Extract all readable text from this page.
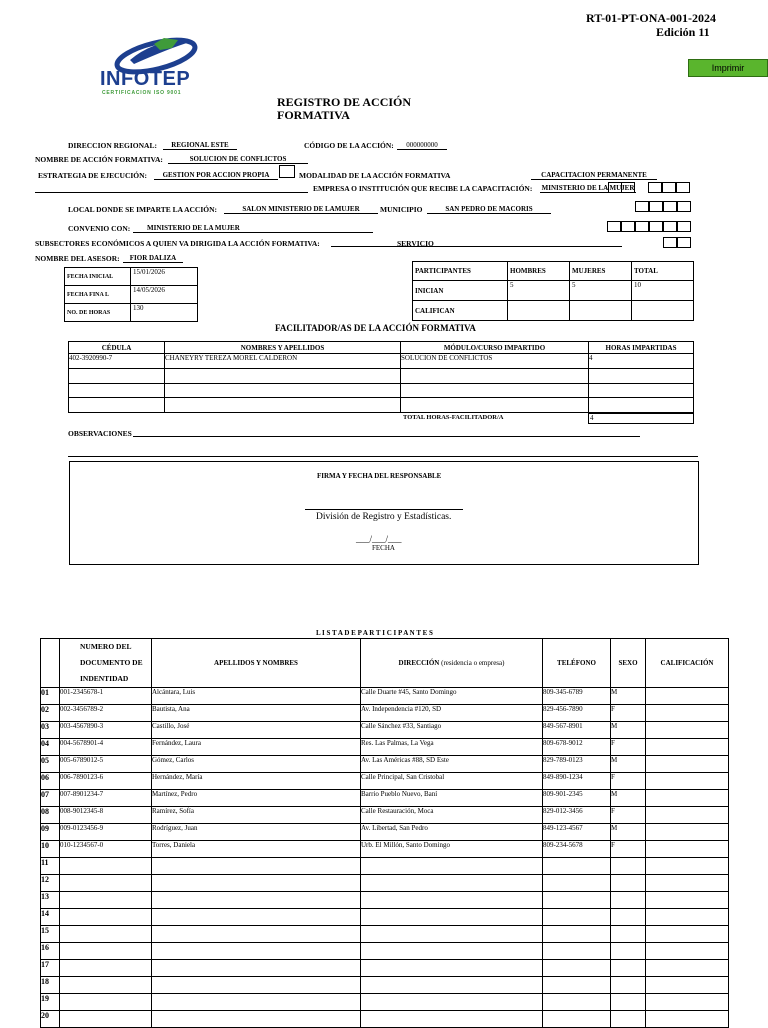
RT-01-PT-ONA-001-2024
Edición 11
Imprimir
INFOTEP
CERTIFICACION ISO 9001
REGISTRO DE ACCIÓN
FORMATIVA
DIRECCION REGIONAL:	REGIONAL ESTE	CÓDIGO DE LA ACCIÓN:	000000000
NOMBRE DE ACCIÓN FORMATIVA:	SOLUCION DE CONFLICTOS
ESTRATEGIA DE EJECUCIÓN:	GESTION POR ACCION PROPIA	MODALIDAD DE LA ACCIÓN FORMATIVA	CAPACITACION PERMANENTE
EMPRESA O INSTITUCIÓN QUE RECIBE LA CAPACITACIÓN: MINISTERIO DE LA MUJER
LOCAL DONDE SE IMPARTE LA ACCIÓN:	SALON MINISTERIO DE LAMUJER	MUNICIPIO	SAN PEDRO DE MACORIS
CONVENIO CON:	MINISTERIO DE LA MUJER
SUBSECTORES ECONÓMICOS A QUIEN VA DIRIGIDA LA ACCIÓN FORMATIVA:	SERVICIO
NOMBRE DEL ASESOR:	FIOR DALIZA
FECHA INICIAL	15/01/2026
FECHA FINA L	14/05/2026
NO. DE HORAS	130
PARTICIPANTES	HOMBRES	MUJERES	TOTAL
INICIAN	5	5	10
CALIFICAN			
FACILITADOR/AS DE LA ACCIÓN FORMATIVA
CÉDULA	NOMBRES Y APELLIDOS	MÓDULO/CURSO IMPARTIDO	HORAS IMPARTIDAS
402-3920990-7	CHANEYRY TEREZA MOREL CALDERON	SOLUCION DE CONFLICTOS	4

TOTAL HORAS-FACILITADOR/A	4
OBSERVACIONES
FIRMA Y FECHA DEL RESPONSABLE
División de Registro y Estadísticas.
___/___/___
FECHA
L I S T A D E P A R T I C I P A N T E S

	NUMERO DEL
DOCUMENTO DE
INDENTIDAD	APELLIDOS Y NOMBRES	DIRECCIÓN (residencia o empresa)	TELÉFONO	SEXO	CALIFICACIÓN
01	001-2345678-1	Alcántara, Luis	Calle Duarte #45, Santo Domingo	809-345-6789	M	
02	002-3456789-2	Bautista, Ana	Av. Independencia #120, SD	829-456-7890	F	
03	003-4567890-3	Castillo, José	Calle Sánchez #33, Santiago	849-567-8901	M	
04	004-5678901-4	Fernández, Laura	Res. Las Palmas, La Vega	809-678-9012	F	
05	005-6789012-5	Gómez, Carlos	Av. Las Américas #88, SD Este	829-789-0123	M	
06	006-7890123-6	Hernández, María	Calle Principal, San Cristobal	849-890-1234	F	
07	007-8901234-7	Martínez, Pedro	Barrio Pueblo Nuevo, Baní	809-901-2345	M	
08	008-9012345-8	Ramírez, Sofía	Calle Restauración, Moca	829-012-3456	F	
09	009-0123456-9	Rodríguez, Juan	Av. Libertad, San Pedro	849-123-4567	M	
10	010-1234567-0	Torres, Daniela	Urb. El Millón, Santo Domingo	809-234-5678	F	
11						
12						
13						
14						
15						
16						
17						
18						
19						
20						
